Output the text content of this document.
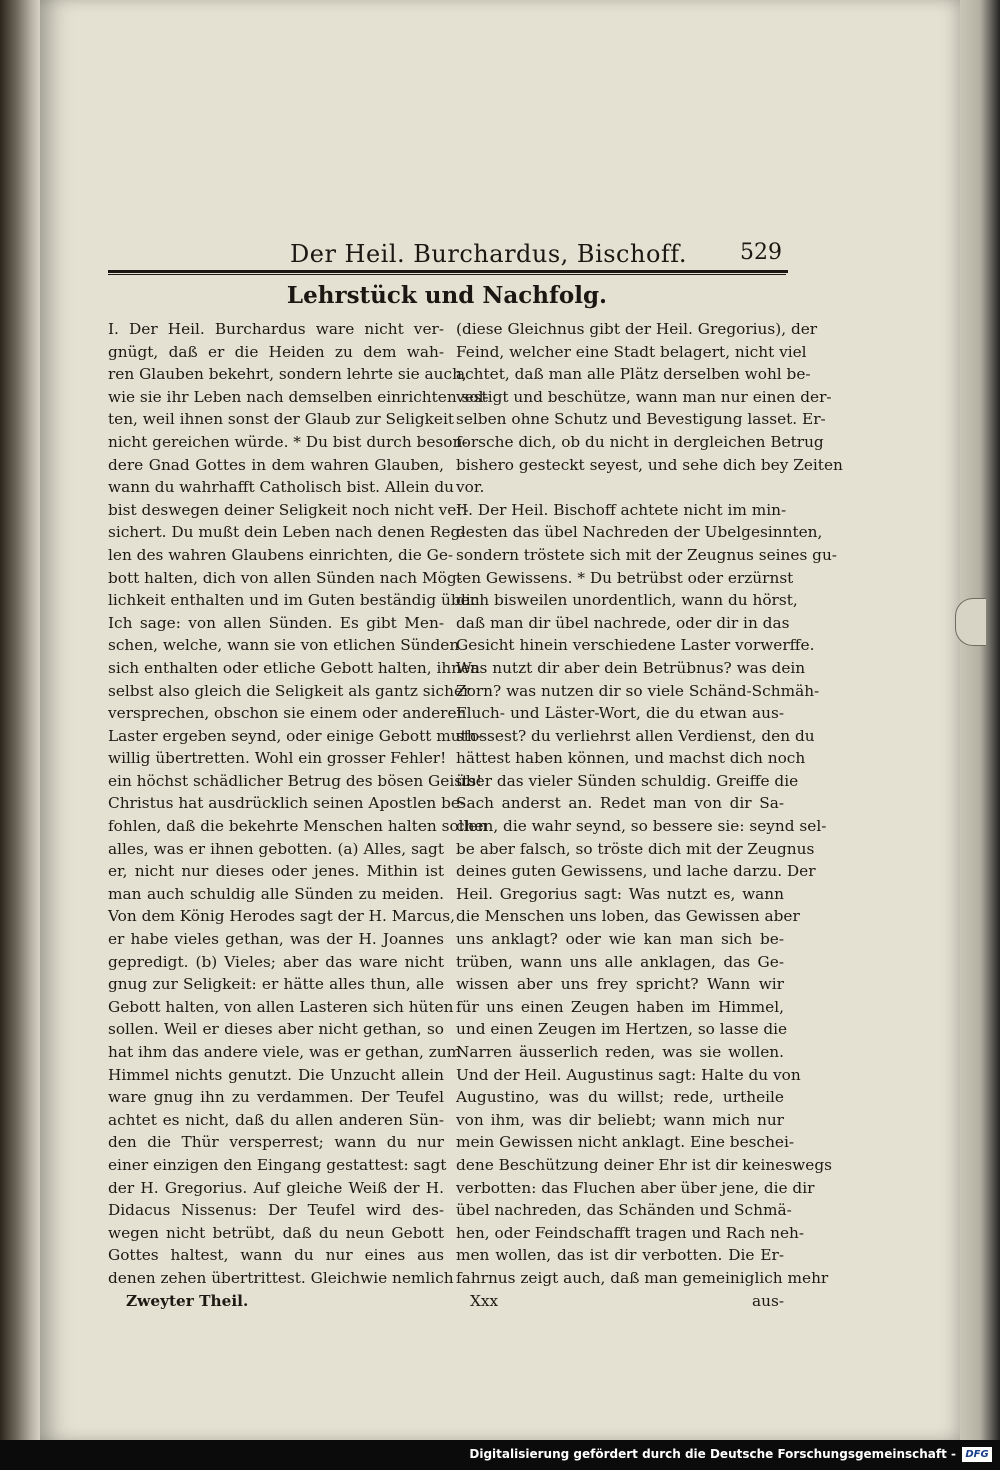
Der Heil. Burchardus, Bischoff. 529
Lehrstück und Nachfolg.
I. Der Heil. Burchardus ware nicht ver-
gnügt, daß er die Heiden zu dem wah-
ren Glauben bekehrt, sondern lehrte sie auch,
wie sie ihr Leben nach demselben einrichten sol-
ten, weil ihnen sonst der Glaub zur Seligkeit
nicht gereichen würde. * Du bist durch beson-
dere Gnad Gottes in dem wahren Glauben,
wann du wahrhafft Catholisch bist. Allein du
bist deswegen deiner Seligkeit noch nicht ver-
sichert. Du mußt dein Leben nach denen Reg-
len des wahren Glaubens einrichten, die Ge-
bott halten, dich von allen Sünden nach Mög-
lichkeit enthalten und im Guten beständig üben.
Ich sage: von allen Sünden. Es gibt Men-
schen, welche, wann sie von etlichen Sünden
sich enthalten oder etliche Gebott halten, ihnen
selbst also gleich die Seligkeit als gantz sicher
versprechen, obschon sie einem oder anderen
Laster ergeben seynd, oder einige Gebott muth-
willig übertretten. Wohl ein grosser Fehler!
ein höchst schädlicher Betrug des bösen Geists!
Christus hat ausdrücklich seinen Apostlen be-
fohlen, daß die bekehrte Menschen halten sollen
alles, was er ihnen gebotten. (a) Alles, sagt
er, nicht nur dieses oder jenes. Mithin ist
man auch schuldig alle Sünden zu meiden.
Von dem König Herodes sagt der H. Marcus,
er habe vieles gethan, was der H. Joannes
gepredigt. (b) Vieles; aber das ware nicht
gnug zur Seligkeit: er hätte alles thun, alle
Gebott halten, von allen Lasteren sich hüten
sollen. Weil er dieses aber nicht gethan, so
hat ihm das andere viele, was er gethan, zum
Himmel nichts genutzt. Die Unzucht allein
ware gnug ihn zu verdammen. Der Teufel
achtet es nicht, daß du allen anderen Sün-
den die Thür versperrest; wann du nur
einer einzigen den Eingang gestattest: sagt
der H. Gregorius. Auf gleiche Weiß der H.
Didacus Nissenus: Der Teufel wird des-
wegen nicht betrübt, daß du neun Gebott
Gottes haltest, wann du nur eines aus
denen zehen übertrittest. Gleichwie nemlich
Zweyter Theil.
(diese Gleichnus gibt der Heil. Gregorius), der
Feind, welcher eine Stadt belagert, nicht viel
achtet, daß man alle Plätz derselben wohl be-
vestigt und beschütze, wann man nur einen der-
selben ohne Schutz und Bevestigung lasset. Er-
forsche dich, ob du nicht in dergleichen Betrug
bishero gesteckt seyest, und sehe dich bey Zeiten
vor.
II. Der Heil. Bischoff achtete nicht im min-
desten das übel Nachreden der Ubelgesinnten,
sondern tröstete sich mit der Zeugnus seines gu-
ten Gewissens. * Du betrübst oder erzürnst
dich bisweilen unordentlich, wann du hörst,
daß man dir übel nachrede, oder dir in das
Gesicht hinein verschiedene Laster vorwerffe.
Was nutzt dir aber dein Betrübnus? was dein
Zorn? was nutzen dir so viele Schänd-Schmäh-
Fluch- und Läster-Wort, die du etwan aus-
stossest? du verliehrst allen Verdienst, den du
hättest haben können, und machst dich noch
über das vieler Sünden schuldig. Greiffe die
Sach anderst an. Redet man von dir Sa-
chen, die wahr seynd, so bessere sie: seynd sel-
be aber falsch, so tröste dich mit der Zeugnus
deines guten Gewissens, und lache darzu. Der
Heil. Gregorius sagt: Was nutzt es, wann
die Menschen uns loben, das Gewissen aber
uns anklagt? oder wie kan man sich be-
trüben, wann uns alle anklagen, das Ge-
wissen aber uns frey spricht? Wann wir
für uns einen Zeugen haben im Himmel,
und einen Zeugen im Hertzen, so lasse die
Narren äusserlich reden, was sie wollen.
Und der Heil. Augustinus sagt: Halte du von
Augustino, was du willst; rede, urtheile
von ihm, was dir beliebt; wann mich nur
mein Gewissen nicht anklagt. Eine beschei-
dene Beschützung deiner Ehr ist dir keineswegs
verbotten: das Fluchen aber über jene, die dir
übel nachreden, das Schänden und Schmä-
hen, oder Feindschafft tragen und Rach neh-
men wollen, das ist dir verbotten. Die Er-
fahrnus zeigt auch, daß man gemeiniglich mehr
Xxx	aus-
Digitalisierung gefördert durch die Deutsche Forschungsgemeinschaft - DFG
